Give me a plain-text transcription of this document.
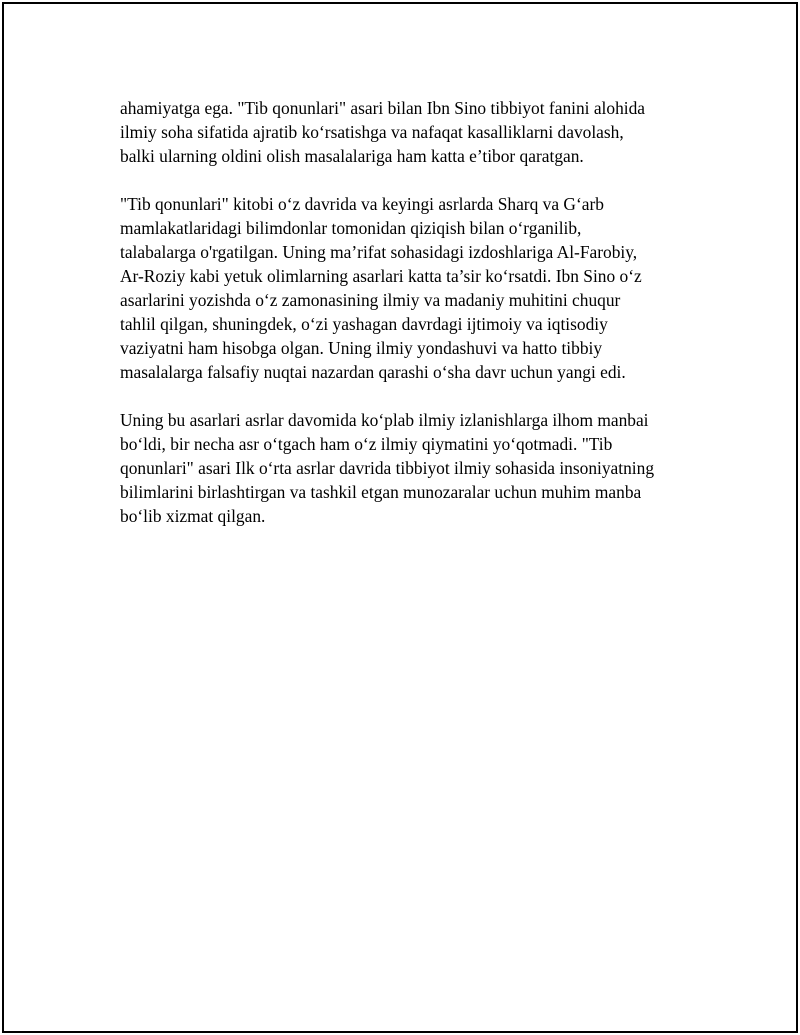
ahamiyatga ega. "Tib qonunlari" asari bilan Ibn Sino tibbiyot fanini alohida
ilmiy soha sifatida ajratib ko‘rsatishga va nafaqat kasalliklarni davolash,
balki ularning oldini olish masalalariga ham katta e’tibor qaratgan.

"Tib qonunlari" kitobi o‘z davrida va keyingi asrlarda Sharq va G‘arb
mamlakatlaridagi bilimdonlar tomonidan qiziqish bilan o‘rganilib,
talabalarga o'rgatilgan. Uning ma’rifat sohasidagi izdoshlariga Al-Farobiy,
Ar-Roziy kabi yetuk olimlarning asarlari katta ta’sir ko‘rsatdi. Ibn Sino o‘z
asarlarini yozishda o‘z zamonasining ilmiy va madaniy muhitini chuqur
tahlil qilgan, shuningdek, o‘zi yashagan davrdagi ijtimoiy va iqtisodiy
vaziyatni ham hisobga olgan. Uning ilmiy yondashuvi va hatto tibbiy
masalalarga falsafiy nuqtai nazardan qarashi o‘sha davr uchun yangi edi.

Uning bu asarlari asrlar davomida ko‘plab ilmiy izlanishlarga ilhom manbai
bo‘ldi, bir necha asr o‘tgach ham o‘z ilmiy qiymatini yo‘qotmadi. "Tib
qonunlari" asari Ilk o‘rta asrlar davrida tibbiyot ilmiy sohasida insoniyatning
bilimlarini birlashtirgan va tashkil etgan munozaralar uchun muhim manba
bo‘lib xizmat qilgan.
